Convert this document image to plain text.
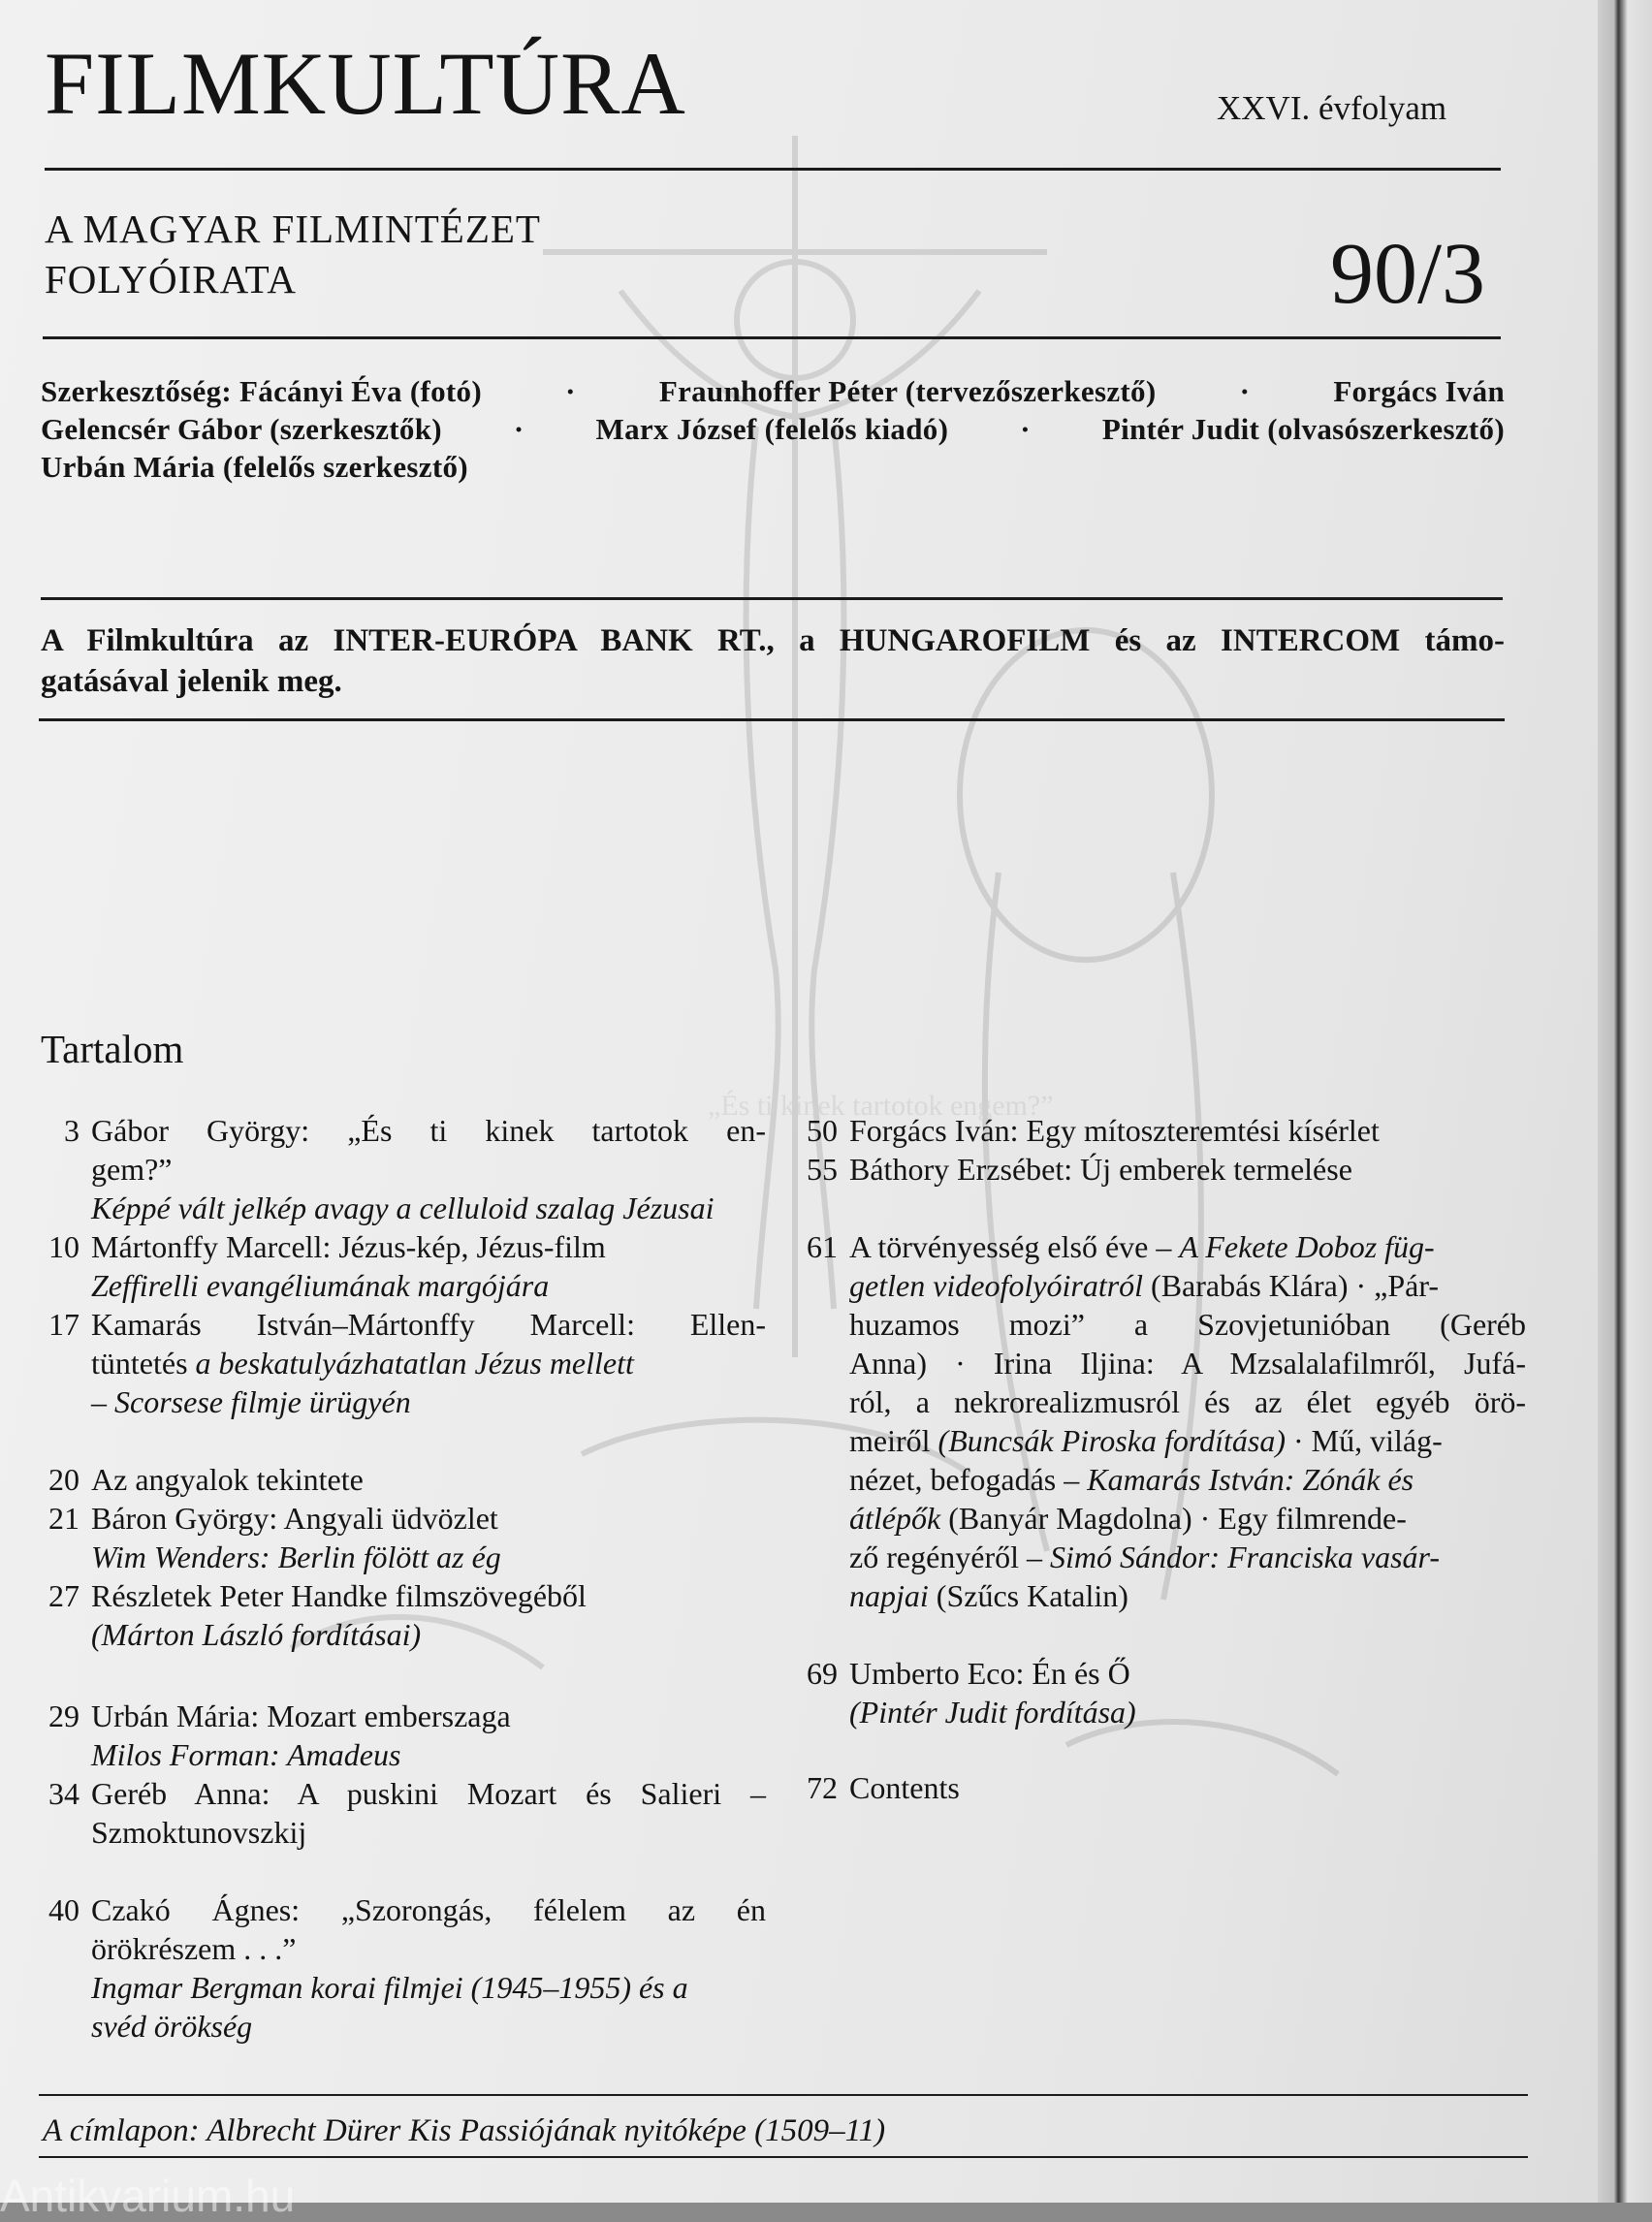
„És ti kinek tartotok engem?”
FILMKULTÚRA	XXVI. évfolyam
A MAGYAR FILMINTÉZET
FOLYÓIRATA	90/3
Szerkesztőség: Fácányi Éva (fotó)	·	Fraunhoffer Péter (tervezőszerkesztő)	·	Forgács Iván
Gelencsér Gábor (szerkesztők) · Marx József (felelős kiadó) · Pintér Judit (olvasószerkesztő)
Urbán Mária (felelős szerkesztő)
A Filmkultúra az INTER-EURÓPA BANK RT., a HUNGAROFILM és az INTERCOM támo-
gatásával jelenik meg.
Tartalom
3 Gábor György: „És ti kinek tartotok en-
gem?”
Képpé vált jelkép avagy a celluloid szalag Jézusai
10 Mártonffy Marcell: Jézus-kép, Jézus-film
Zeffirelli evangéliumának margójára
17 Kamarás István–Mártonffy Marcell: Ellen-
tüntetés a beskatulyázhatatlan Jézus mellett
– Scorsese filmje ürügyén
20 Az angyalok tekintete
21 Báron György: Angyali üdvözlet
Wim Wenders: Berlin fölött az ég
27 Részletek Peter Handke filmszövegéből
(Márton László fordításai)
29 Urbán Mária: Mozart emberszaga
Milos Forman: Amadeus
34 Geréb Anna: A puskini Mozart és Salieri –
Szmoktunovszkij
40 Czakó Ágnes: „Szorongás, félelem az én
örökrészem . . .”
Ingmar Bergman korai filmjei (1945–1955) és a
svéd örökség
50 Forgács Iván: Egy mítoszteremtési kísérlet
55 Báthory Erzsébet: Új emberek termelése
61 A törvényesség első éve – A Fekete Doboz füg-
getlen videofolyóiratról (Barabás Klára) · „Pár-
huzamos mozi” a Szovjetunióban (Geréb
Anna) · Irina Iljina: A Mzsalalafilmről, Jufá-
ról, a nekrorealizmusról és az élet egyéb örö-
meiről (Buncsák Piroska fordítása) · Mű, világ-
nézet, befogadás – Kamarás István: Zónák és
átlépők (Banyár Magdolna) · Egy filmrende-
ző regényéről – Simó Sándor: Franciska vasár-
napjai (Szűcs Katalin)
69 Umberto Eco: Én és Ő
(Pintér Judit fordítása)
72 Contents
A címlapon: Albrecht Dürer Kis Passiójának nyitóképe (1509–11)
Antikvarium.hu
